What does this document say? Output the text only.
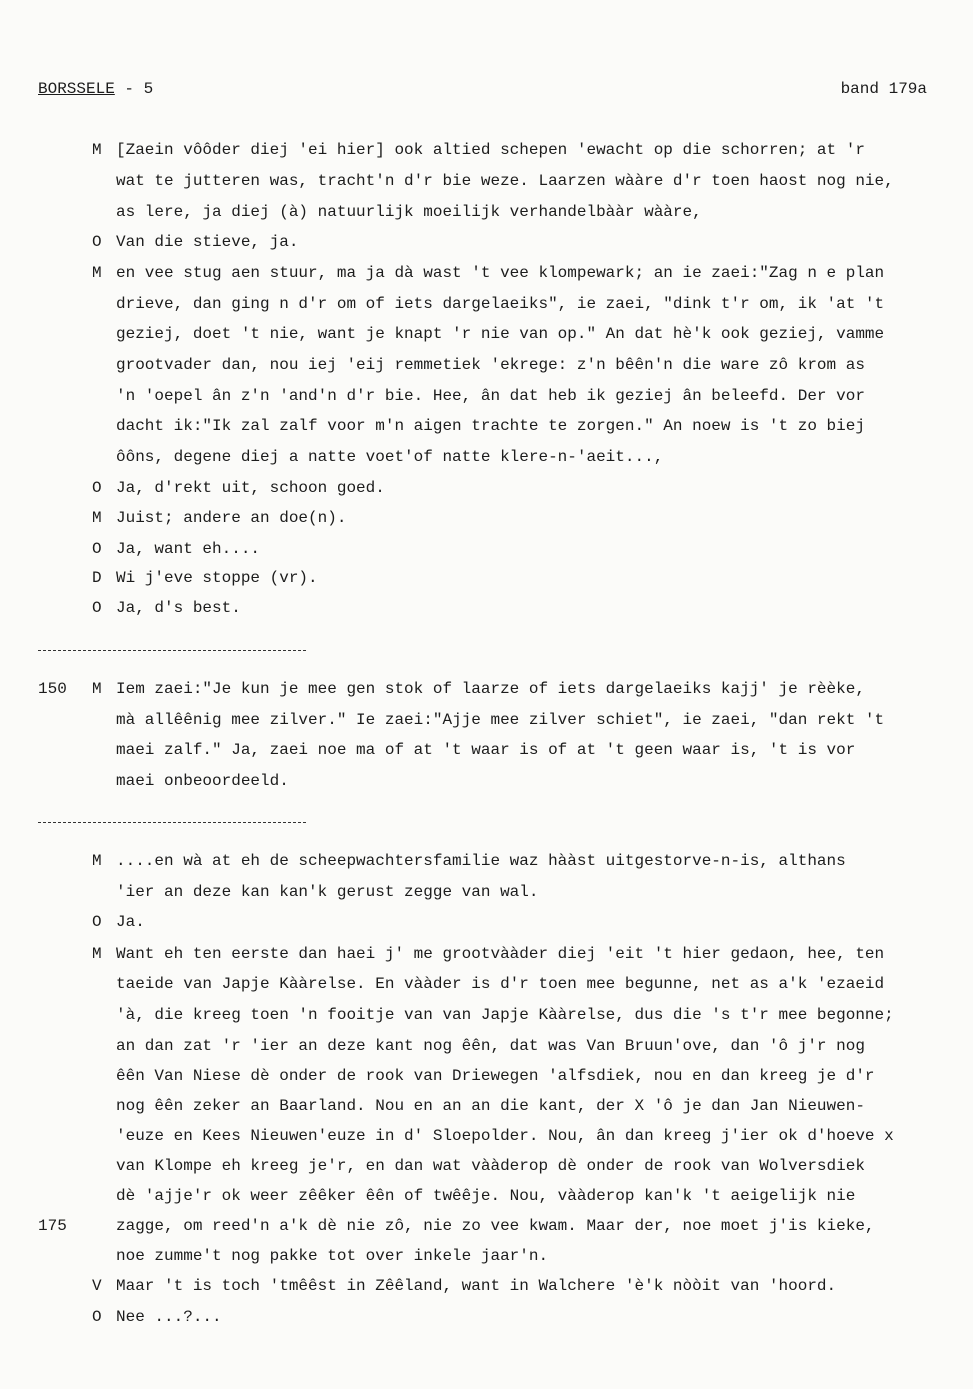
BORSSELE - 5	band 179a
M [Zaein vôôder diej 'ei hier] ook altied schepen 'ewacht op die schorren; at 'r
wat te jutteren was, tracht'n d'r bie weze. Laarzen wààre d'r toen haost nog nie,
as lere, ja diej (à) natuurlijk moeilijk verhandelbààr wààre,
O Van die stieve, ja.
M en vee stug aen stuur, ma ja dà wast 't vee klompewark; an ie zaei:"Zag n e plan
drieve, dan ging n d'r om of iets dargelaeiks", ie zaei, "dink t'r om, ik 'at 't
geziej, doet 't nie, want je knapt 'r nie van op." An dat hè'k ook geziej, vamme
grootvader dan, nou iej 'eij remmetiek 'ekrege: z'n bêên'n die ware zô krom as
'n 'oepel ân z'n 'and'n d'r bie. Hee, ân dat heb ik geziej ân beleefd. Der vor
dacht ik:"Ik zal zalf voor m'n aigen trachte te zorgen." An noew is 't zo biej
ôôns, degene diej a natte voet'of natte klere-n-'aeit...,
O Ja, d'rekt uit, schoon goed.
M Juist; andere an doe(n).
O Ja, want eh....
D Wi j'eve stoppe (vr).
O Ja, d's best.
150 M Iem zaei:"Je kun je mee gen stok of laarze of iets dargelaeiks kajj' je rèèke,
mà allêênig mee zilver." Ie zaei:"Ajje mee zilver schiet", ie zaei, "dan rekt 't
maei zalf." Ja, zaei noe ma of at 't waar is of at 't geen waar is, 't is vor
maei onbeoordeeld.
M ....en wà at eh de scheepwachtersfamilie waz hààst uitgestorve-n-is, althans
'ier an deze kan kan'k gerust zegge van wal.
O Ja.
M Want eh ten eerste dan haei j' me grootvààder diej 'eit 't hier gedaon, hee, ten
taeide van Japje Kààrelse. En vààder is d'r toen mee begunne, net as a'k 'ezaeid
'à, die kreeg toen 'n fooitje van van Japje Kààrelse, dus die 's t'r mee begonne;
an dan zat 'r 'ier an deze kant nog êên, dat was Van Bruun'ove, dan 'ô j'r nog
êên Van Niese dè onder de rook van Driewegen 'alfsdiek, nou en dan kreeg je d'r
nog êên zeker an Baarland. Nou en an an die kant, der X 'ô je dan Jan Nieuwen-
'euze en Kees Nieuwen'euze in d' Sloepolder. Nou, ân dan kreeg j'ier ok d'hoeve x
van Klompe eh kreeg je'r, en dan wat vààderop dè onder de rook van Wolversdiek
dè 'ajje'r ok weer zêêker êên of twêêje. Nou, vààderop kan'k 't aeigelijk nie
175	zagge, om reed'n a'k dè nie zô, nie zo vee kwam. Maar der, noe moet j'is kieke,
noe zumme't nog pakke tot over inkele jaar'n.
V Maar 't is toch 'tmêêst in Zêêland, want in Walchere 'è'k nòòit van 'hoord.
O Nee ...?...
